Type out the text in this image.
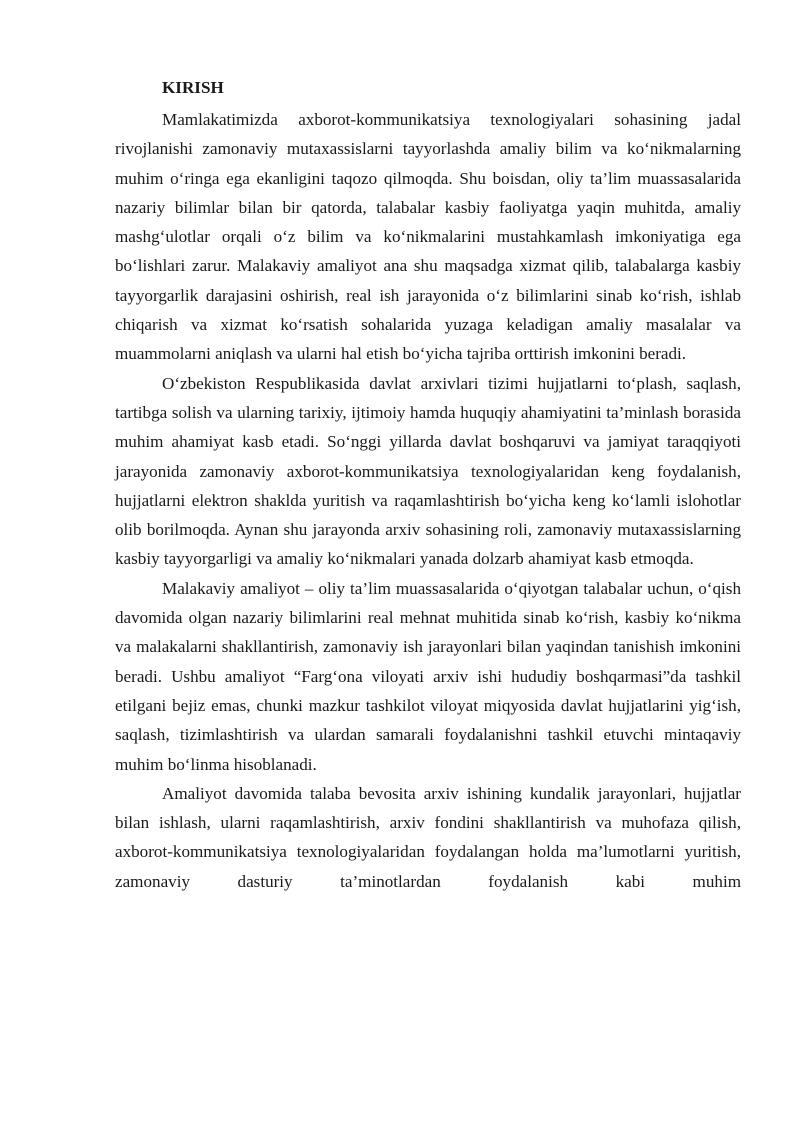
KIRISH

Mamlakatimizda axborot-kommunikatsiya texnologiyalari sohasining jadal rivojlanishi zamonaviy mutaxassislarni tayyorlashda amaliy bilim va ko‘nikmalarning muhim o‘ringa ega ekanligini taqozo qilmoqda. Shu boisdan, oliy ta’lim muassasalarida nazariy bilimlar bilan bir qatorda, talabalar kasbiy faoliyatga yaqin muhitda, amaliy mashg‘ulotlar orqali o‘z bilim va ko‘nikmalarini mustahkamlash imkoniyatiga ega bo‘lishlari zarur. Malakaviy amaliyot ana shu maqsadga xizmat qilib, talabalarga kasbiy tayyorgarlik darajasini oshirish, real ish jarayonida o‘z bilimlarini sinab ko‘rish, ishlab chiqarish va xizmat ko‘rsatish sohalarida yuzaga keladigan amaliy masalalar va muammolarni aniqlash va ularni hal etish bo‘yicha tajriba orttirish imkonini beradi.

O‘zbekiston Respublikasida davlat arxivlari tizimi hujjatlarni to‘plash, saqlash, tartibga solish va ularning tarixiy, ijtimoiy hamda huquqiy ahamiyatini ta’minlash borasida muhim ahamiyat kasb etadi. So‘nggi yillarda davlat boshqaruvi va jamiyat taraqqiyoti jarayonida zamonaviy axborot-kommunikatsiya texnologiyalaridan keng foydalanish, hujjatlarni elektron shaklda yuritish va raqamlashtirish bo‘yicha keng ko‘lamli islohotlar olib borilmoqda. Aynan shu jarayonda arxiv sohasining roli, zamonaviy mutaxassislarning kasbiy tayyorgarligi va amaliy ko‘nikmalari yanada dolzarb ahamiyat kasb etmoqda.

Malakaviy amaliyot – oliy ta’lim muassasalarida o‘qiyotgan talabalar uchun, o‘qish davomida olgan nazariy bilimlarini real mehnat muhitida sinab ko‘rish, kasbiy ko‘nikma va malakalarni shakllantirish, zamonaviy ish jarayonlari bilan yaqindan tanishish imkonini beradi. Ushbu amaliyot “Farg‘ona viloyati arxiv ishi hududiy boshqarmasi”da tashkil etilgani bejiz emas, chunki mazkur tashkilot viloyat miqyosida davlat hujjatlarini yig‘ish, saqlash, tizimlashtirish va ulardan samarali foydalanishni tashkil etuvchi mintaqaviy muhim bo‘linma hisoblanadi.

Amaliyot davomida talaba bevosita arxiv ishining kundalik jarayonlari, hujjatlar bilan ishlash, ularni raqamlashtirish, arxiv fondini shakllantirish va muhofaza qilish, axborot-kommunikatsiya texnologiyalaridan foydalangan holda ma’lumotlarni yuritish, zamonaviy dasturiy ta’minotlardan foydalanish kabi muhim
